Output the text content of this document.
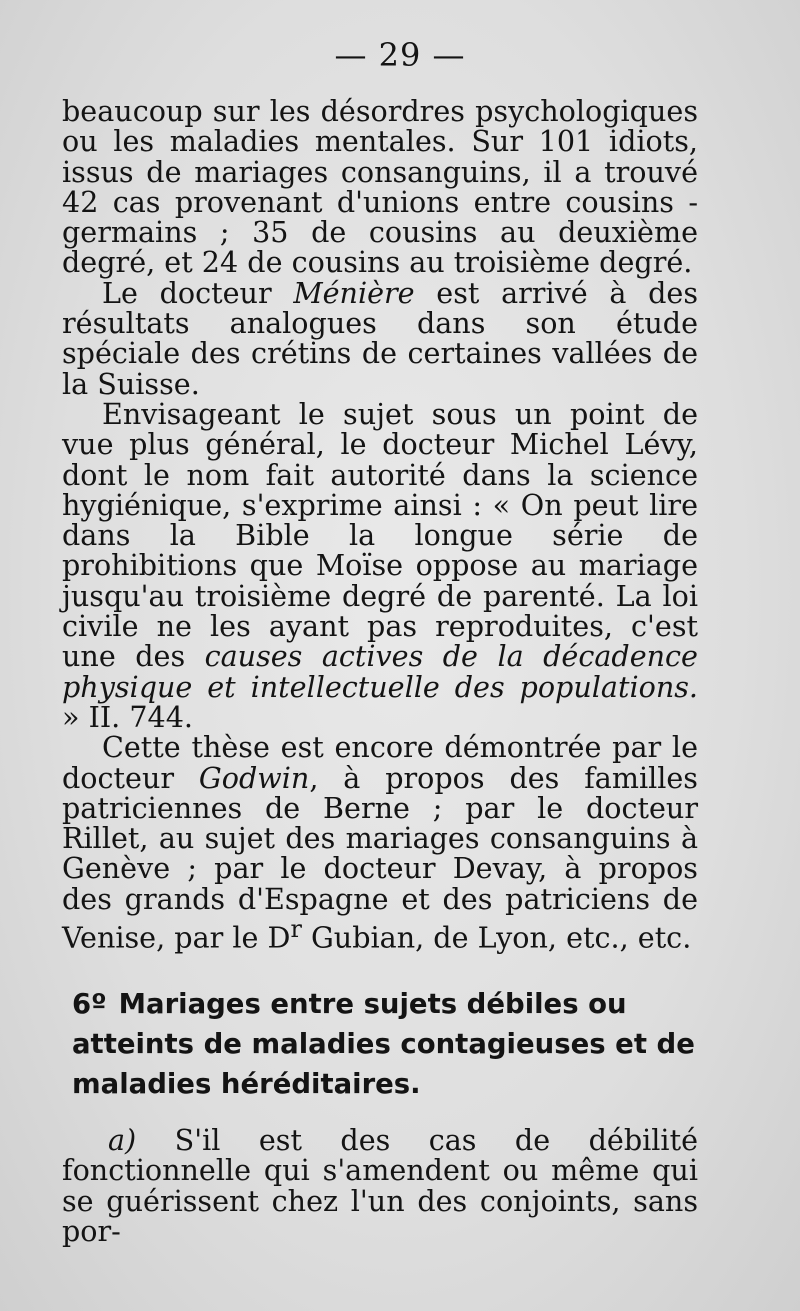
— 29 —

beaucoup sur les désordres psychologiques ou les maladies mentales. Sur 101 idiots, issus de mariages consanguins, il a trouvé 42 cas provenant d'unions entre cousins - germains ; 35 de cousins au deuxième degré, et 24 de cousins au troisième degré.

Le docteur Ménière est arrivé à des résultats analogues dans son étude spéciale des crétins de certaines vallées de la Suisse.

Envisageant le sujet sous un point de vue plus général, le docteur Michel Lévy, dont le nom fait autorité dans la science hygiénique, s'exprime ainsi : « On peut lire dans la Bible la longue série de prohibitions que Moïse oppose au mariage jusqu'au troisième degré de parenté. La loi civile ne les ayant pas reproduites, c'est une des causes actives de la décadence physique et intellectuelle des populations. » II. 744.

Cette thèse est encore démontrée par le docteur Godwin, à propos des familles patriciennes de Berne ; par le docteur Rillet, au sujet des mariages consanguins à Genève ; par le docteur Devay, à propos des grands d'Espagne et des patriciens de Venise, par le $D^r$ Gubian, de Lyon, etc., etc.

6º Mariages entre sujets débiles ou atteints de maladies contagieuses et de maladies héréditaires.

a) S'il est des cas de débilité fonctionnelle qui s'amendent ou même qui se guérissent chez l'un des conjoints, sans por-
